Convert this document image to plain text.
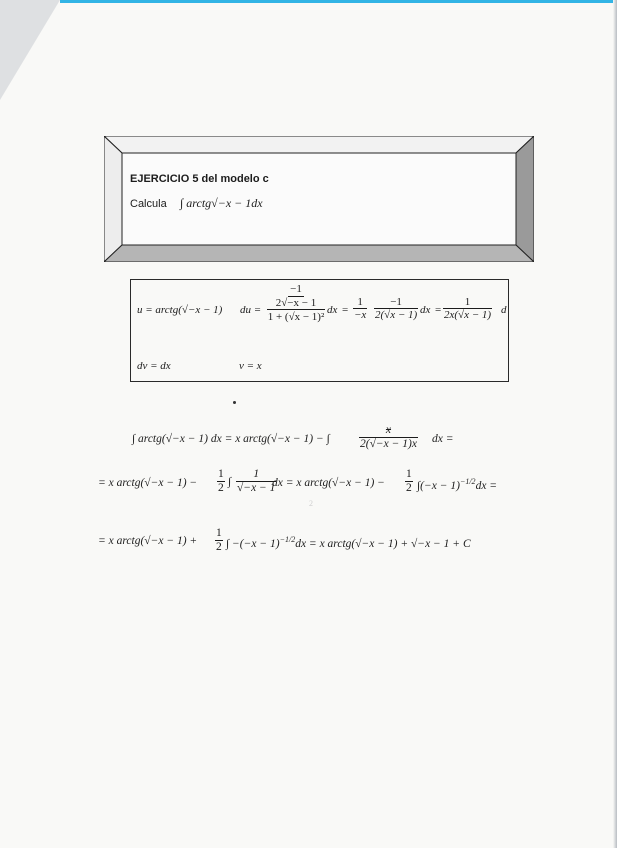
EJERCICIO 5 del modelo c
Calcula ∫ arctg√−x − 1dx
u = arctg(√−x − 1) du =
−1
2√−x − 1
1 + (√x − 1)²
dx = $\frac{1}{-x} \frac{-1}{2(√x - 1)}$ dx = $\frac{1}{2x(√x - 1)}$ d
dv = dx	v = x
∫ arctg(√−x − 1) dx = x arctg(√−x − 1) − ∫	$\frac{x}{2(√-x - 1)x}$ dx =
= x arctg(√−x − $1) - \frac{1}{2}$ ∫ $\frac{1}{√-x - 1}$
dx = x arctg(√−x − $1) - \frac{1}{2} \int(-x - 1)^{-1/2}dx$ =
= x arctg(√−x − $1) + \frac{1}{2}$ ∫ $-(-x - 1)^{-1/2}dx = x$ arctg(√−x − 1) + √−x − 1 + C
2
